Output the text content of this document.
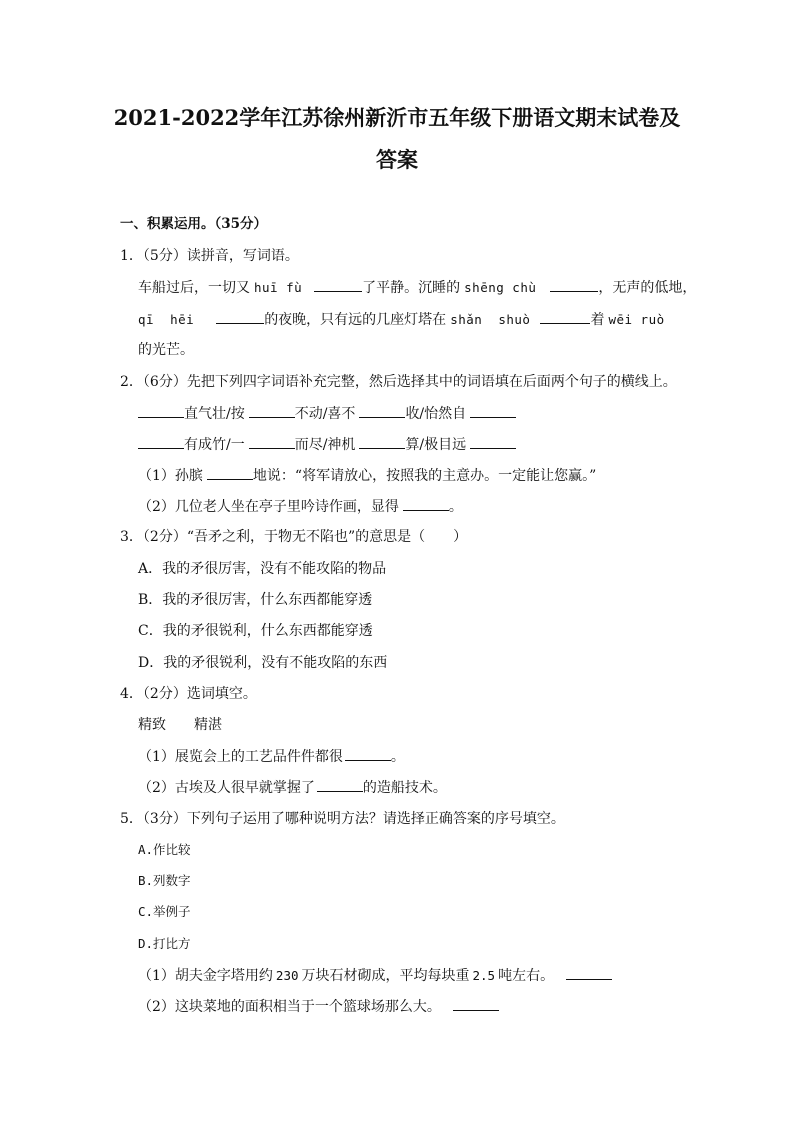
2021-2022学年江苏徐州新沂市五年级下册语文期末试卷及
答案
一、积累运用。（35分）
1．（5分）读拼音，写词语。
车船过后，一切又 huī fù	了平静。沉睡的 shēng chù	，无声的低地，
qī  hēi	的夜晚，只有远的几座灯塔在 shǎn  shuò	着 wēi ruò
的光芒。
2．（6分）先把下列四字词语补充完整，然后选择其中的词语填在后面两个句子的横线上。
直气壮/按	不动/喜不	收/怡然自
有成竹/一	而尽/神机	算/极目远
（1）孙膑	地说：“将军请放心，按照我的主意办。一定能让您赢。”
（2）几位老人坐在亭子里吟诗作画，显得	。
3．（2分）“吾矛之利，于物无不陷也”的意思是（　　）
A．我的矛很厉害，没有不能攻陷的物品
B．我的矛很厉害，什么东西都能穿透
C．我的矛很锐利，什么东西都能穿透
D．我的矛很锐利，没有不能攻陷的东西
4．（2分）选词填空。
精致　　精湛
（1）展览会上的工艺品件件都很	。
（2）古埃及人很早就掌握了	的造船技术。
5．（3分）下列句子运用了哪种说明方法？请选择正确答案的序号填空。
A.作比较
B.列数字
C.举例子
D.打比方
（1）胡夫金字塔用约 230 万块石材砌成，平均每块重 2.5 吨左右。
（2）这块菜地的面积相当于一个篮球场那么大。
